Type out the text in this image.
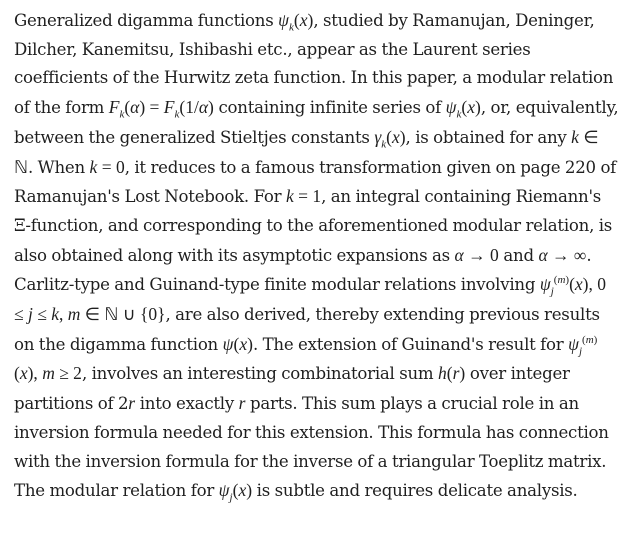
Generalized digamma functions $\psi_k(x)$, studied by Ramanujan, Deninger, Dilcher, Kanemitsu, Ishibashi etc., appear as the Laurent series coefficients of the Hurwitz zeta function. In this paper, a modular relation of the form $F_k(\alpha) = F_k(1/\alpha)$ containing infinite series of $\psi_k(x)$, or, equivalently, between the generalized Stieltjes constants $\gamma_k(x)$, is obtained for any k ∈ ℕ. When k = 0, it reduces to a famous transformation given on page 220 of Ramanujan's Lost Notebook. For k = 1, an integral containing Riemann's Ξ-function, and corresponding to the aforementioned modular relation, is also obtained along with its asymptotic expansions as α → 0 and α → ∞. Carlitz-type and Guinand-type finite modular relations involving $\psi_j^{(m)}(x)$, 0 ≤ j ≤ k, m ∈ ℕ ∪ {0}, are also derived, thereby extending previous results on the digamma function ψ(x). The extension of Guinand's result for $\psi_j^{(m)}(x)$, m ≥ 2, involves an interesting combinatorial sum h(r) over integer partitions of 2r into exactly r parts. This sum plays a crucial role in an inversion formula needed for this extension. This formula has connection with the inversion formula for the inverse of a triangular Toeplitz matrix. The modular relation for $\psi_j(x)$ is subtle and requires delicate analysis.
